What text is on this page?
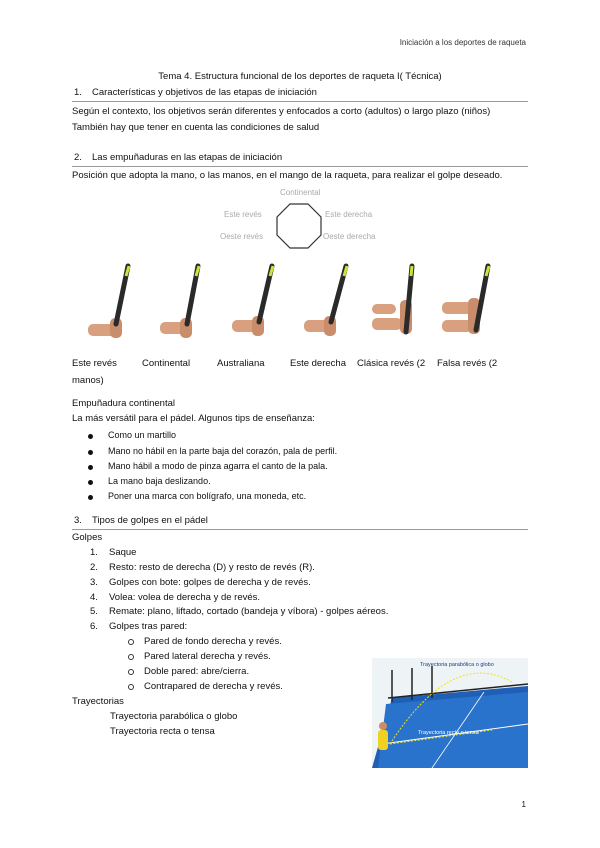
Iniciación a los deportes de raqueta
Tema 4. Estructura funcional de los deportes de raqueta I( Técnica)
1. Características y objetivos de las etapas de iniciación
Según el contexto, los objetivos serán diferentes y enfocados a corto (adultos) o largo plazo (niños)
También hay que tener en cuenta las condiciones de salud
2. Las empuñaduras en las etapas de iniciación
Posición que adopta la mano, o las manos, en el mango de la raqueta, para realizar el golpe deseado.
Continental
Este revés
Oeste revés
Este derecha
Oeste derecha
Este revés	Continental	Australiana	Este derecha Clásica revés (2 Falsa revés (2
manos)
Empuñadura continental
La más versátil para el pádel. Algunos tips de enseñanza:
Como un martillo
Mano no hábil en la parte baja del corazón, pala de perfil.
Mano hábil a modo de pinza agarra el canto de la pala.
La mano baja deslizando.
Poner una marca con bolígrafo, una moneda, etc.
3. Tipos de golpes en el pádel
Golpes
1. Saque
2. Resto: resto de derecha (D) y resto de revés (R).
3. Golpes con bote: golpes de derecha y de revés.
4. Volea: volea de derecha y de revés.
5. Remate: plano, liftado, cortado (bandeja y víbora) - golpes aéreos.
6. Golpes tras pared:
Pared de fondo derecha y revés.
Pared lateral derecha y revés.
Doble pared: abre/cierra.
Contrapared de derecha y revés.
Trayectorias
Trayectoria parabólica o globo
Trayectoria recta o tensa
Trayectoria parabólica o globo
Trayectoria recta o tensa
1
